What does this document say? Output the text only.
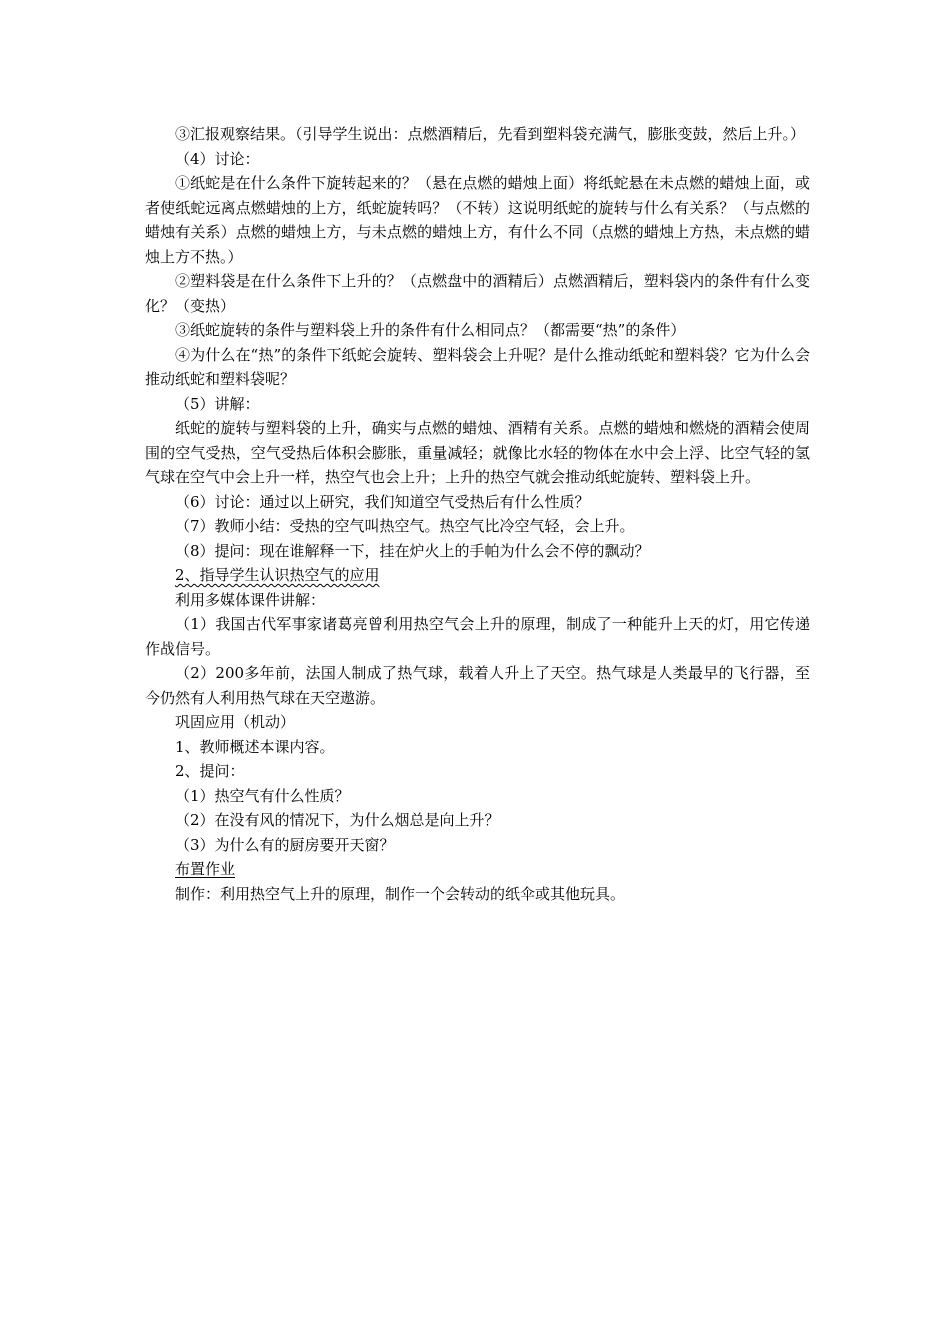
③汇报观察结果。（引导学生说出：点燃酒精后，先看到塑料袋充满气，膨胀变鼓，然后上升。）

（4）讨论：

①纸蛇是在什么条件下旋转起来的？（悬在点燃的蜡烛上面）将纸蛇悬在未点燃的蜡烛上面，或者使纸蛇远离点燃蜡烛的上方，纸蛇旋转吗？（不转）这说明纸蛇的旋转与什么有关系？（与点燃的蜡烛有关系）点燃的蜡烛上方，与未点燃的蜡烛上方，有什么不同（点燃的蜡烛上方热，未点燃的蜡烛上方不热。）

②塑料袋是在什么条件下上升的？（点燃盘中的酒精后）点燃酒精后，塑料袋内的条件有什么变化？（变热）

③纸蛇旋转的条件与塑料袋上升的条件有什么相同点？（都需要“热”的条件）

④为什么在“热”的条件下纸蛇会旋转、塑料袋会上升呢？是什么推动纸蛇和塑料袋？它为什么会推动纸蛇和塑料袋呢？

（5）讲解：

纸蛇的旋转与塑料袋的上升，确实与点燃的蜡烛、酒精有关系。点燃的蜡烛和燃烧的酒精会使周围的空气受热，空气受热后体积会膨胀，重量减轻；就像比水轻的物体在水中会上浮、比空气轻的氢气球在空气中会上升一样，热空气也会上升；上升的热空气就会推动纸蛇旋转、塑料袋上升。

（6）讨论：通过以上研究，我们知道空气受热后有什么性质？

（7）教师小结：受热的空气叫热空气。热空气比冷空气轻，会上升。

（8）提问：现在谁解释一下，挂在炉火上的手帕为什么会不停的飘动？

2、指导学生认识热空气的应用

利用多媒体课件讲解：

（1）我国古代军事家诸葛亮曾利用热空气会上升的原理，制成了一种能升上天的灯，用它传递作战信号。

（2）200多年前，法国人制成了热气球，载着人升上了天空。热气球是人类最早的飞行器，至今仍然有人利用热气球在天空遨游。

巩固应用（机动）

1、教师概述本课内容。

2、提问：

（1）热空气有什么性质？

（2）在没有风的情况下，为什么烟总是向上升？

（3）为什么有的厨房要开天窗？

布置作业

制作：利用热空气上升的原理，制作一个会转动的纸伞或其他玩具。
